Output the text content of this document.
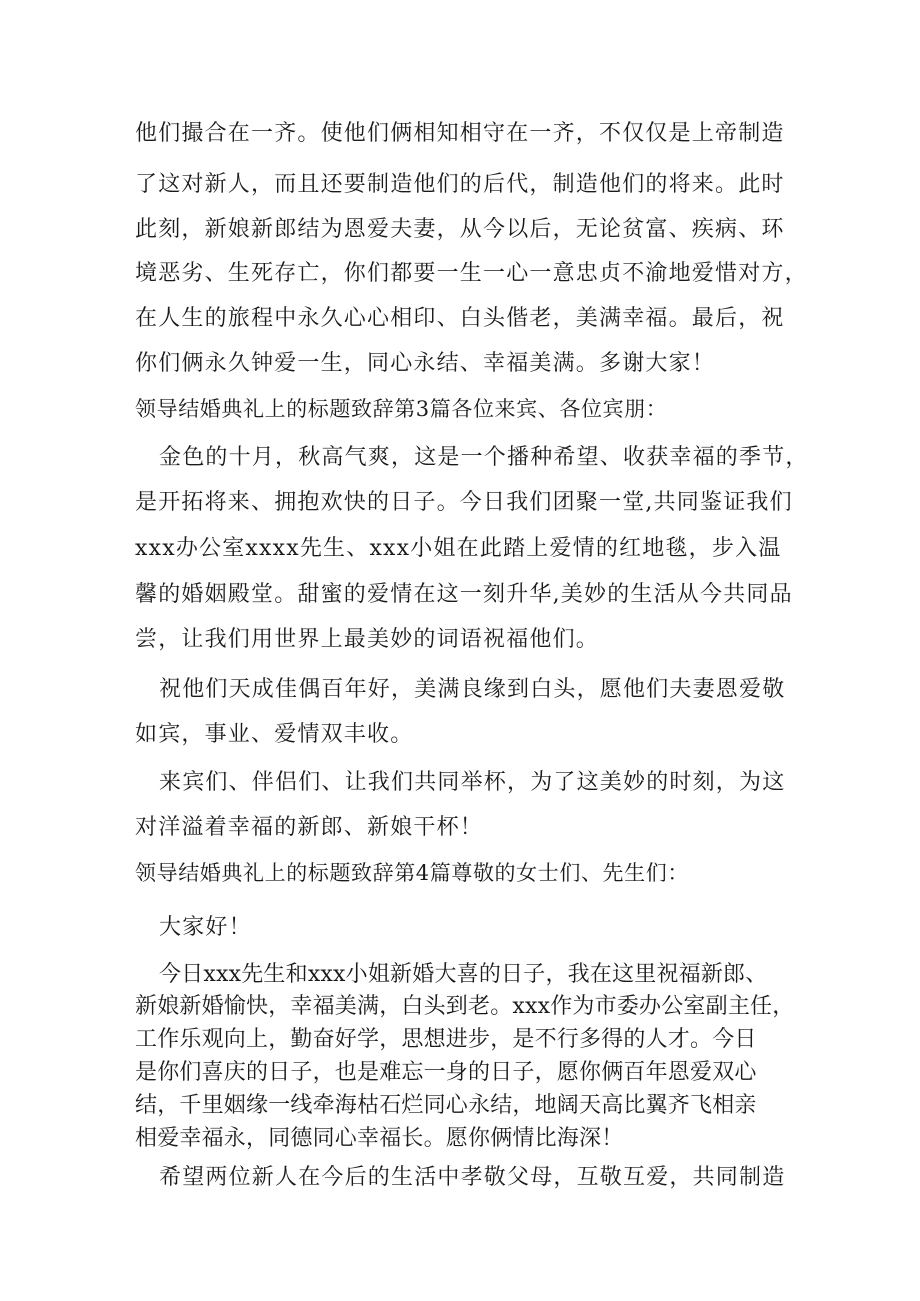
他们撮合在一齐。使他们俩相知相守在一齐，不仅仅是上帝制造
了这对新人，而且还要制造他们的后代，制造他们的将来。此时
此刻，新娘新郎结为恩爱夫妻，从今以后，无论贫富、疾病、环
境恶劣、生死存亡，你们都要一生一心一意忠贞不渝地爱惜对方，
在人生的旅程中永久心心相印、白头偕老，美满幸福。最后，祝
你们俩永久钟爱一生，同心永结、幸福美满。多谢大家！
领导结婚典礼上的标题致辞第3篇各位来宾、各位宾朋：
金色的十月，秋高气爽，这是一个播种希望、收获幸福的季节，
是开拓将来、拥抱欢快的日子。今日我们团聚一堂,共同鉴证我们
xxx办公室xxxx先生、xxx小姐在此踏上爱情的红地毯，步入温
馨的婚姻殿堂。甜蜜的爱情在这一刻升华,美妙的生活从今共同品
尝，让我们用世界上最美妙的词语祝福他们。
祝他们天成佳偶百年好，美满良缘到白头，愿他们夫妻恩爱敬
如宾，事业、爱情双丰收。
来宾们、伴侣们、让我们共同举杯，为了这美妙的时刻，为这
对洋溢着幸福的新郎、新娘干杯！
领导结婚典礼上的标题致辞第4篇尊敬的女士们、先生们：
大家好！
今日xxx先生和xxx小姐新婚大喜的日子，我在这里祝福新郎、
新娘新婚愉快，幸福美满，白头到老。xxx作为市委办公室副主任，
工作乐观向上，勤奋好学，思想进步，是不行多得的人才。今日
是你们喜庆的日子，也是难忘一身的日子，愿你俩百年恩爱双心
结，千里姻缘一线牵海枯石烂同心永结，地阔天高比翼齐飞相亲
相爱幸福永，同德同心幸福长。愿你俩情比海深！
希望两位新人在今后的生活中孝敬父母，互敬互爱，共同制造
